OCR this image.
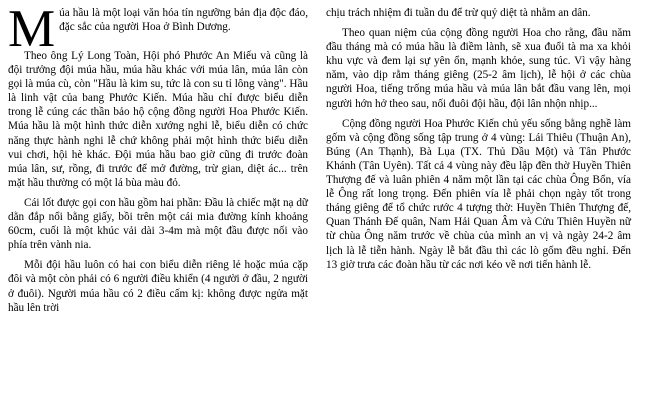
Múa hầu là một loại văn hóa tín ngưỡng bản địa độc đáo, đặc sắc của người Hoa ở Bình Dương.

Theo ông Lý Long Toàn, Hội phó Phước An Miếu và cũng là đội trưởng đội múa hầu, múa hầu khác với múa lân, múa lân còn gọi là múa cù, còn "Hầu là kim su, tức là con su tỉ lông vàng". Hầu là linh vật của bang Phước Kiến. Múa hầu chỉ được biểu diễn trong lễ cúng các thần bảo hộ cộng đồng người Hoa Phước Kiến. Múa hầu là một hình thức diễn xướng nghi lễ, biểu diễn có chức năng thực hành nghi lễ chứ không phải một hình thức biểu diễn vui chơi, hội hè khác. Đội múa hầu bao giờ cũng đi trước đoàn múa lân, sư, rồng, đi trước để mở đường, trừ gian, diệt ác... trên mặt hầu thường có một lá bùa màu đỏ.

Cái lốt được gọi con hầu gồm hai phần: Đầu là chiếc mặt nạ dữ dằn đắp nổi bằng giấy, bồi trên một cái mia đường kính khoảng 60cm, cuối là một khúc vải dài 3-4m mà một đầu được nối vào phía trên vành nia.

Mỗi đội hầu luôn có hai con biểu diễn riêng lẻ hoặc múa cặp đôi và một còn phải có 6 người điều khiển (4 người ở đầu, 2 người ở đuôi). Người múa hầu có 2 điều cấm kị: không được ngửa mặt hầu lên trời

chịu trách nhiệm đi tuần du để trừ quỷ diệt tà nhằm an dân.

Theo quan niệm của cộng đồng người Hoa cho rằng, đầu năm đầu tháng mà có múa hầu là điềm lành, sẽ xua đuổi tà ma xa khỏi khu vực và đem lại sự yên ổn, mạnh khỏe, sung túc. Vì vậy hàng năm, vào dịp rằm tháng giêng (25-2 âm lịch), lễ hội ở các chùa người Hoa, tiếng trống múa hầu và múa lân bắt đầu vang lên, mọi người hớn hở theo sau, nối đuôi đội hầu, đội lân nhộn nhịp...

Cộng đồng người Hoa Phước Kiến chủ yếu sống bằng nghề làm gốm và cộng đồng sống tập trung ở 4 vùng: Lái Thiêu (Thuận An), Búng (An Thạnh), Bà Lụa (TX. Thủ Dầu Một) và Tân Phước Khánh (Tân Uyên). Tất cả 4 vùng này đều lập đền thờ Huyền Thiên Thượng đế và luân phiên 4 năm một lần tại các chùa Ông Bổn, vía lễ Ông rất long trọng. Đến phiên vía lễ phải chọn ngày tốt trong tháng giêng để tổ chức rước 4 tượng thờ: Huyền Thiên Thượng đế, Quan Thánh Đế quân, Nam Hải Quan Âm và Cửu Thiên Huyền nữ từ chùa Ông năm trước về chùa của mình an vị và ngày 24-2 âm lịch là lễ tiễn hành. Ngày lễ bắt đầu thì các lò gốm đều nghỉ. Đến 13 giờ trưa các đoàn hầu từ các nơi kéo về nơi tiến hành lễ.
